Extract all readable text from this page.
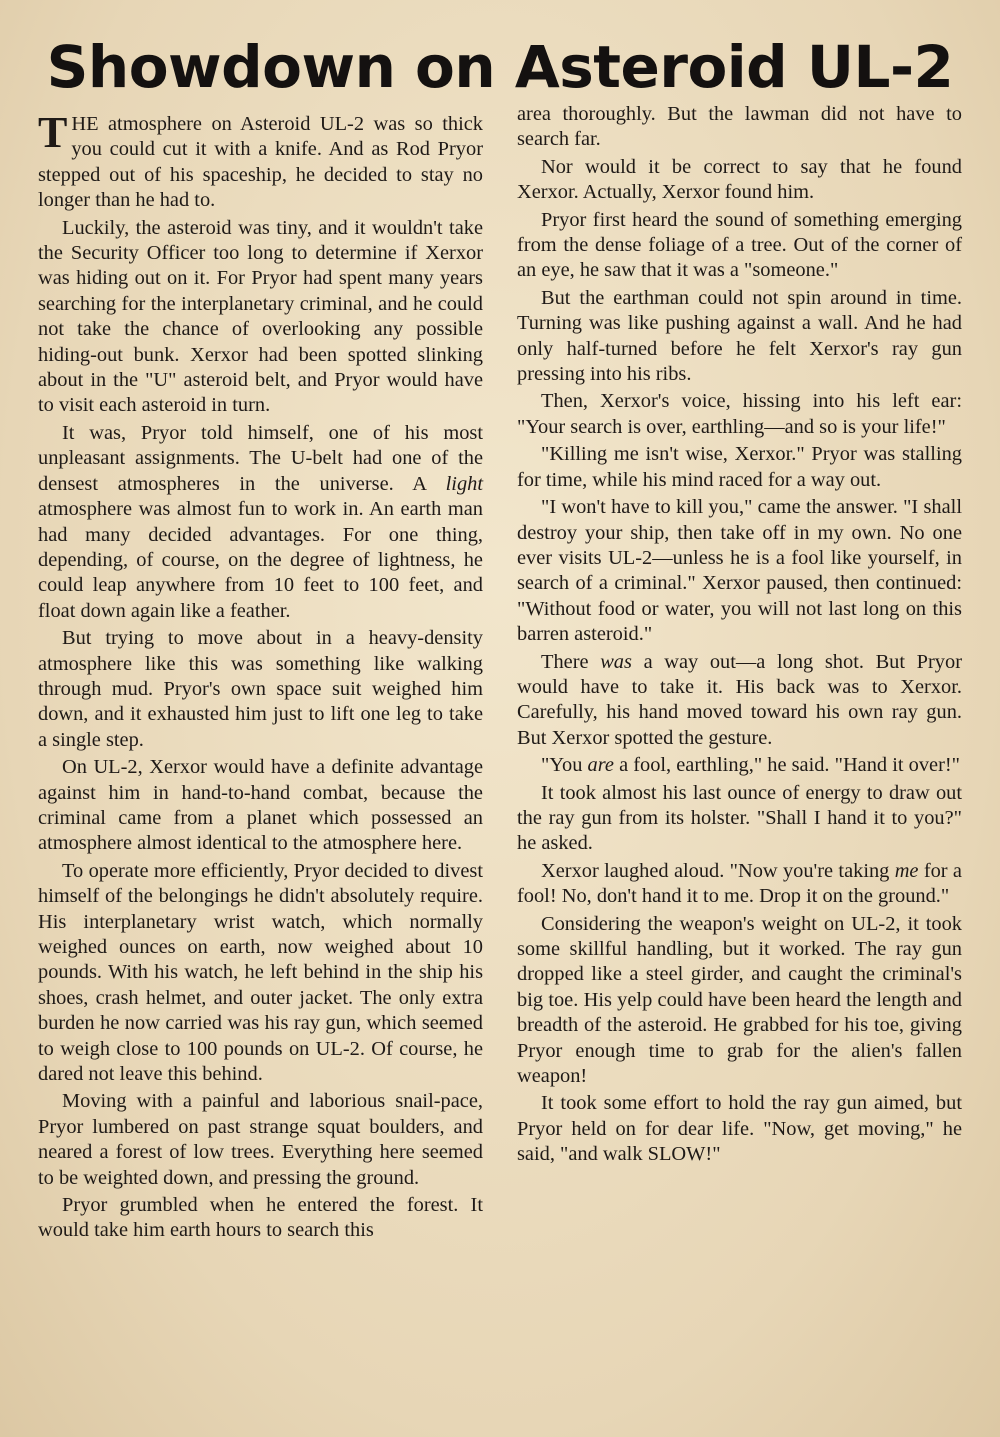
Showdown on Asteroid UL-2

THE atmosphere on Asteroid UL-2 was so thick you could cut it with a knife. And as Rod Pryor stepped out of his spaceship, he decided to stay no longer than he had to.

Luckily, the asteroid was tiny, and it wouldn't take the Security Officer too long to determine if Xerxor was hiding out on it. For Pryor had spent many years searching for the interplanetary criminal, and he could not take the chance of overlooking any possible hiding-out bunk. Xerxor had been spotted slinking about in the "U" asteroid belt, and Pryor would have to visit each asteroid in turn.

It was, Pryor told himself, one of his most unpleasant assignments. The U-belt had one of the densest atmospheres in the universe. A light atmosphere was almost fun to work in. An earth man had many decided advantages. For one thing, depending, of course, on the degree of lightness, he could leap anywhere from 10 feet to 100 feet, and float down again like a feather.

But trying to move about in a heavy-density atmosphere like this was something like walking through mud. Pryor's own space suit weighed him down, and it exhausted him just to lift one leg to take a single step.

On UL-2, Xerxor would have a definite advantage against him in hand-to-hand combat, because the criminal came from a planet which possessed an atmosphere almost identical to the atmosphere here.

To operate more efficiently, Pryor decided to divest himself of the belongings he didn't absolutely require. His interplanetary wrist watch, which normally weighed ounces on earth, now weighed about 10 pounds. With his watch, he left behind in the ship his shoes, crash helmet, and outer jacket. The only extra burden he now carried was his ray gun, which seemed to weigh close to 100 pounds on UL-2. Of course, he dared not leave this behind.

Moving with a painful and laborious snail-pace, Pryor lumbered on past strange squat boulders, and neared a forest of low trees. Everything here seemed to be weighted down, and pressing the ground.

Pryor grumbled when he entered the forest. It would take him earth hours to search this

area thoroughly. But the lawman did not have to search far.

Nor would it be correct to say that he found Xerxor. Actually, Xerxor found him.

Pryor first heard the sound of something emerging from the dense foliage of a tree. Out of the corner of an eye, he saw that it was a "someone."

But the earthman could not spin around in time. Turning was like pushing against a wall. And he had only half-turned before he felt Xerxor's ray gun pressing into his ribs.

Then, Xerxor's voice, hissing into his left ear: "Your search is over, earthling—and so is your life!"

"Killing me isn't wise, Xerxor." Pryor was stalling for time, while his mind raced for a way out.

"I won't have to kill you," came the answer. "I shall destroy your ship, then take off in my own. No one ever visits UL-2—unless he is a fool like yourself, in search of a criminal." Xerxor paused, then continued: "Without food or water, you will not last long on this barren asteroid."

There was a way out—a long shot. But Pryor would have to take it. His back was to Xerxor. Carefully, his hand moved toward his own ray gun. But Xerxor spotted the gesture.

"You are a fool, earthling," he said. "Hand it over!"

It took almost his last ounce of energy to draw out the ray gun from its holster. "Shall I hand it to you?" he asked.

Xerxor laughed aloud. "Now you're taking me for a fool! No, don't hand it to me. Drop it on the ground."

Considering the weapon's weight on UL-2, it took some skillful handling, but it worked. The ray gun dropped like a steel girder, and caught the criminal's big toe. His yelp could have been heard the length and breadth of the asteroid. He grabbed for his toe, giving Pryor enough time to grab for the alien's fallen weapon!

It took some effort to hold the ray gun aimed, but Pryor held on for dear life. "Now, get moving," he said, "and walk SLOW!"
